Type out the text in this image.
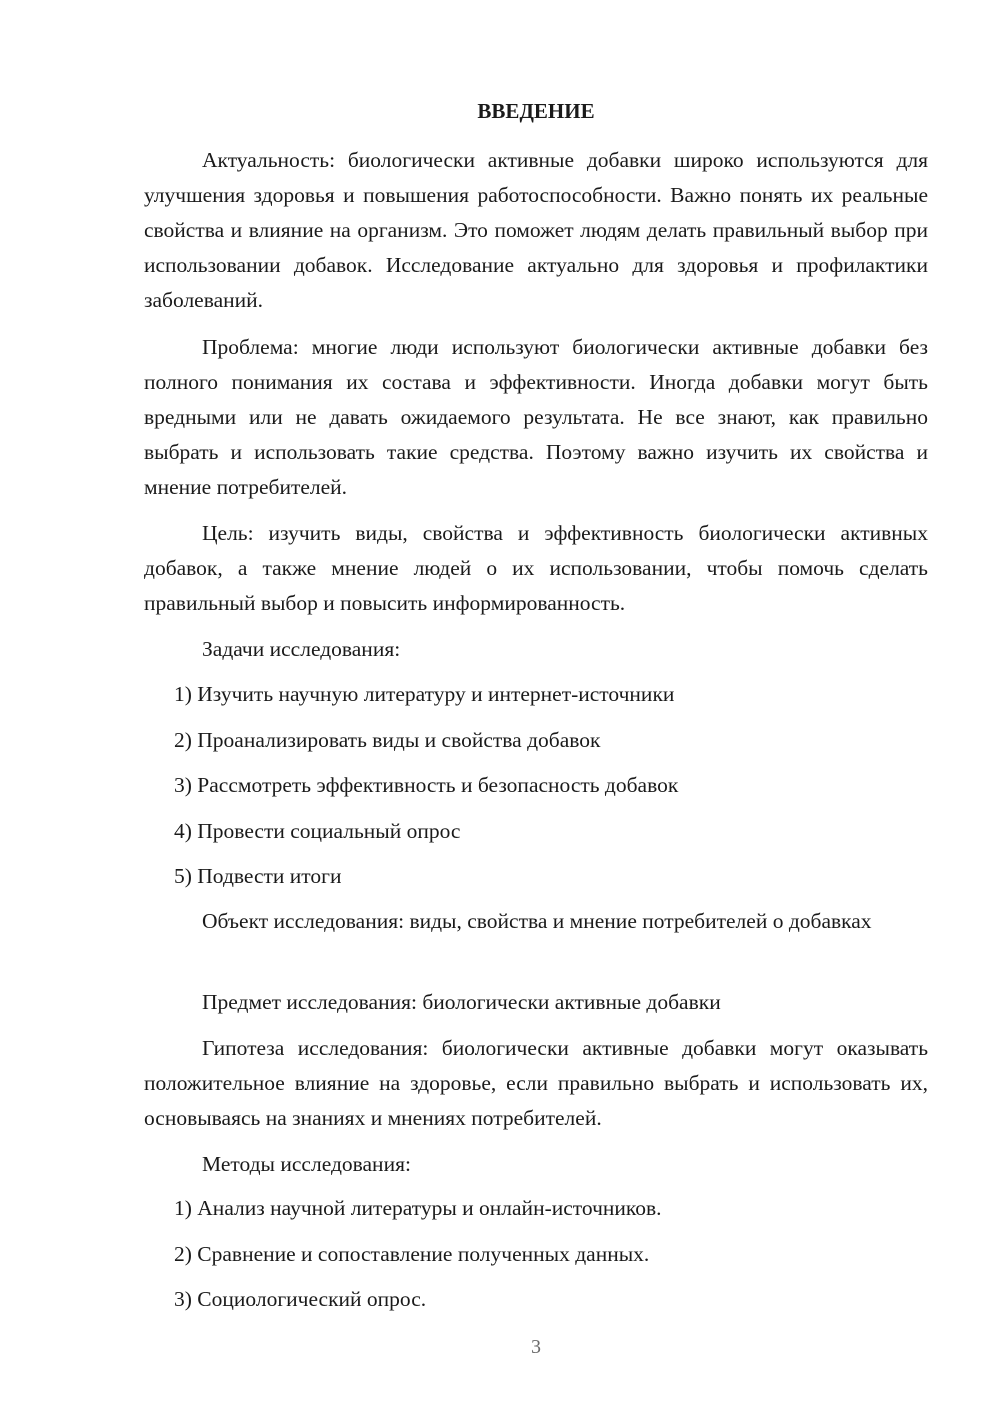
ВВЕДЕНИЕ

Актуальность: биологически активные добавки широко используются для улучшения здоровья и повышения работоспособности. Важно понять их реальные свойства и влияние на организм. Это поможет людям делать правильный выбор при использовании добавок. Исследование актуально для здоровья и профилактики заболеваний.

Проблема: многие люди используют биологически активные добавки без полного понимания их состава и эффективности. Иногда добавки могут быть вредными или не давать ожидаемого результата. Не все знают, как правильно выбрать и использовать такие средства. Поэтому важно изучить их свойства и мнение потребителей.

Цель: изучить виды, свойства и эффективность биологически активных добавок, а также мнение людей о их использовании, чтобы помочь сделать правильный выбор и повысить информированность.

Задачи исследования:

1) Изучить научную литературу и интернет-источники

2) Проанализировать виды и свойства добавок

3) Рассмотреть эффективность и безопасность добавок

4) Провести социальный опрос

5) Подвести итоги

Объект исследования: виды, свойства и мнение потребителей о добавках

Предмет исследования: биологически активные добавки

Гипотеза исследования: биологически активные добавки могут оказывать положительное влияние на здоровье, если правильно выбрать и использовать их, основываясь на знаниях и мнениях потребителей.

Методы исследования:

1) Анализ научной литературы и онлайн-источников.

2) Сравнение и сопоставление полученных данных.

3) Социологический опрос.

3
